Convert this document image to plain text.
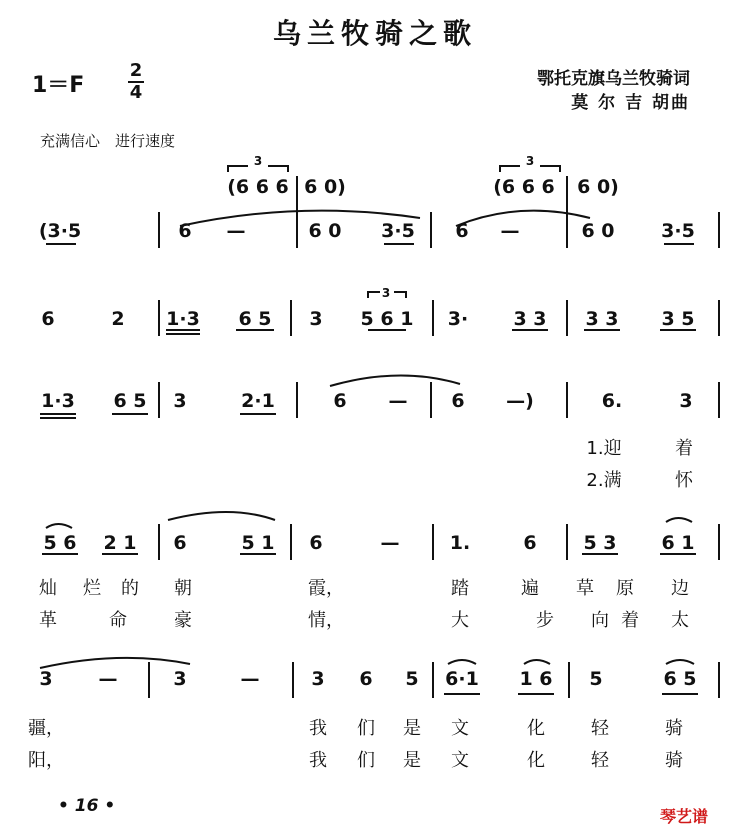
乌兰牧骑之歌
1＝F
2
4
鄂托克旗乌兰牧骑词
莫 尔 吉 胡曲
充满信心　进行速度
(6 6 6 6 0)	(6 6 6	6 0)
3	3
(3·5	6 —	6 0 3·5 6 —	6 0 3·5
6	2 1·3 6 5 3 5 6 1
3
3· 3 3 3 3 3 5
1·3 6 5 3	2·1	6 — 6	—)	6.	3
1.迎	着
2.满	怀
5 6 2 1 6	5 1 6	—	1.	6 5 3 6 1
灿 烂 的 朝	霞，	踏	遍 草 原 边
革	命	豪	情，	大	步 向 着 太
3 —	3	—	3 6 5 6·1 1 6 5	6 5
疆，	我 们 是 文	化	轻	骑
阳，	我 们 是 文	化	轻	骑
• 16 •
琴艺谱
